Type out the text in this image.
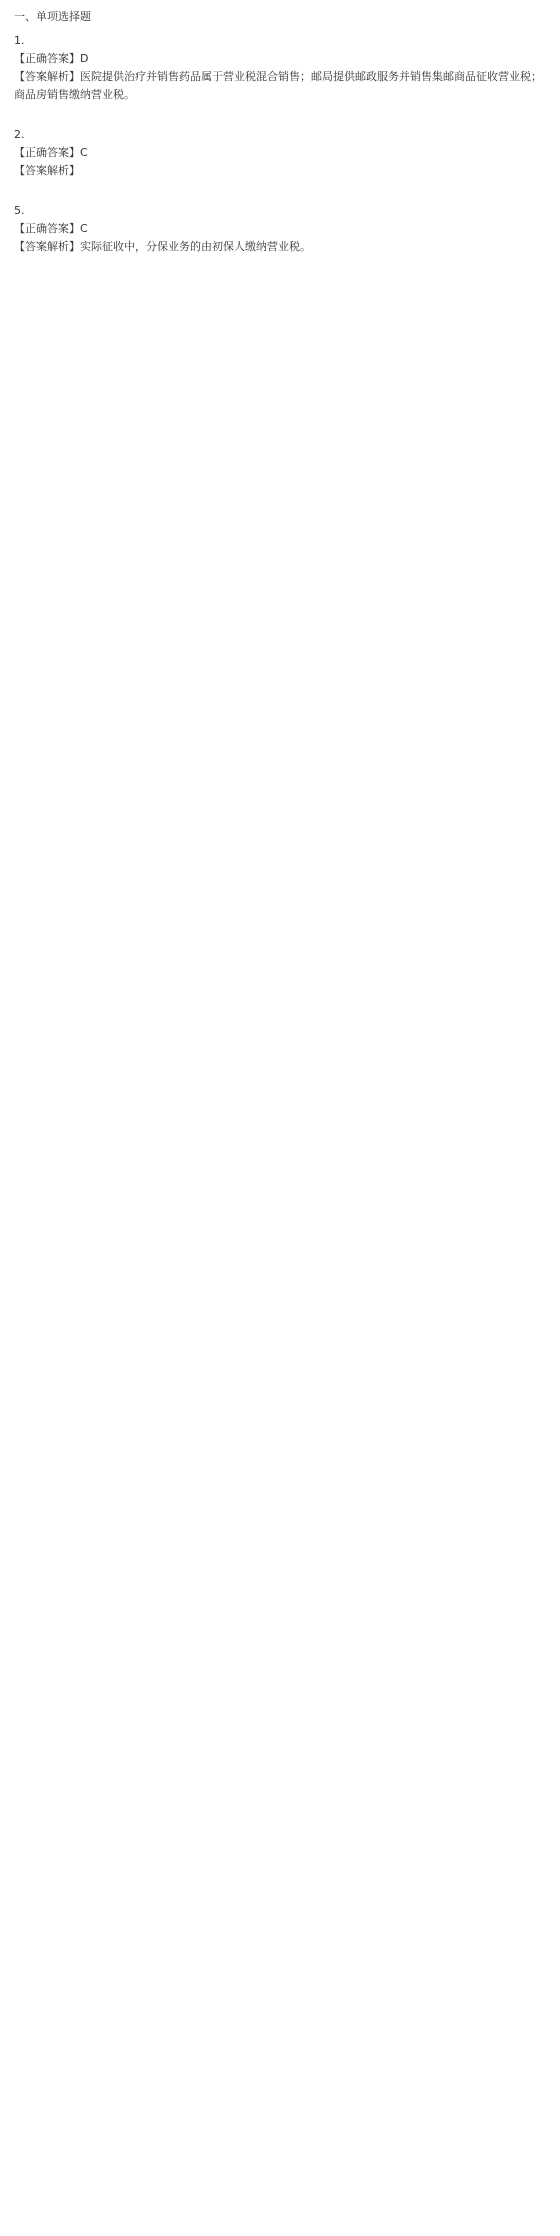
一、单项选择题

1.

【正确答案】D

【答案解析】医院提供治疗并销售药品属于营业税混合销售；邮局提供邮政服务并销售集邮商品征收营业税；商品房销售缴纳营业税。

2.

【正确答案】C

【答案解析】

5.

【正确答案】C

【答案解析】实际征收中，分保业务的由初保人缴纳营业税。
